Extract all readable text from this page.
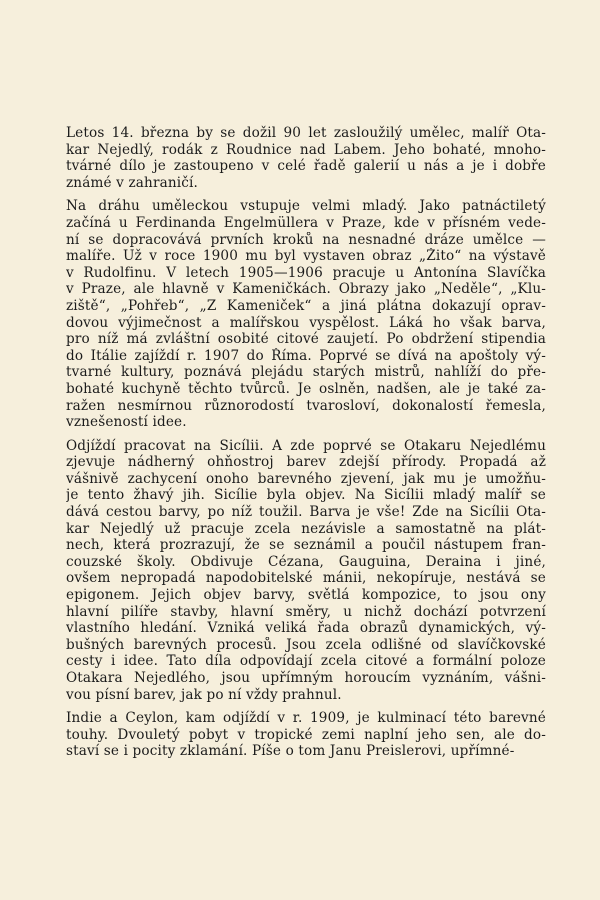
Letos 14. března by se dožil 90 let zasloužilý umělec, malíř Ota-
kar Nejedlý, rodák z Roudnice nad Labem. Jeho bohaté, mnoho-
tvárné dílo je zastoupeno v celé řadě galerií u nás a je i dobře
známé v zahraničí.
Na dráhu uměleckou vstupuje velmi mladý. Jako patnáctiletý
začíná u Ferdinanda Engelmüllera v Praze, kde v přísném vede-
ní se dopracovává prvních kroků na nesnadné dráze umělce —
malíře. Už v roce 1900 mu byl vystaven obraz „Žito“ na výstavě
v Rudolfinu. V letech 1905—1906 pracuje u Antonína Slavíčka
v Praze, ale hlavně v Kameničkách. Obrazy jako „Neděle“, „Klu-
ziště“, „Pohřeb“, „Z Kameniček“ a jiná plátna dokazují oprav-
dovou výjimečnost a malířskou vyspělost. Láká ho však barva,
pro níž má zvláštní osobité citové zaujetí. Po obdržení stipendia
do Itálie zajíždí r. 1907 do Říma. Poprvé se dívá na apoštoly vý-
tvarné kultury, poznává plejádu starých mistrů, nahlíží do pře-
bohaté kuchyně těchto tvůrců. Je oslněn, nadšen, ale je také za-
ražen nesmírnou různorodostí tvarosloví, dokonalostí řemesla,
vznešeností idee.
Odjíždí pracovat na Sicílii. A zde poprvé se Otakaru Nejedlému
zjevuje nádherný ohňostroj barev zdejší přírody. Propadá až
vášnivě zachycení onoho barevného zjevení, jak mu je umožňu-
je tento žhavý jih. Sicílie byla objev. Na Sicílii mladý malíř se
dává cestou barvy, po níž toužil. Barva je vše! Zde na Sicílii Ota-
kar Nejedlý už pracuje zcela nezávisle a samostatně na plát-
nech, která prozrazují, že se seznámil a poučil nástupem fran-
couzské školy. Obdivuje Cézana, Gauguina, Deraina i jiné,
ovšem nepropadá napodobitelské mánii, nekopíruje, nestává se
epigonem. Jejich objev barvy, světlá kompozice, to jsou ony
hlavní pilíře stavby, hlavní směry, u nichž dochází potvrzení
vlastního hledání. Vzniká veliká řada obrazů dynamických, vý-
bušných barevných procesů. Jsou zcela odlišné od slavíčkovské
cesty i idee. Tato díla odpovídají zcela citové a formální poloze
Otakara Nejedlého, jsou upřímným horoucím vyznáním, vášni-
vou písní barev, jak po ní vždy prahnul.
Indie a Ceylon, kam odjíždí v r. 1909, je kulminací této barevné
touhy. Dvouletý pobyt v tropické zemi naplní jeho sen, ale do-
staví se i pocity zklamání. Píše o tom Janu Preislerovi, upřímné-
